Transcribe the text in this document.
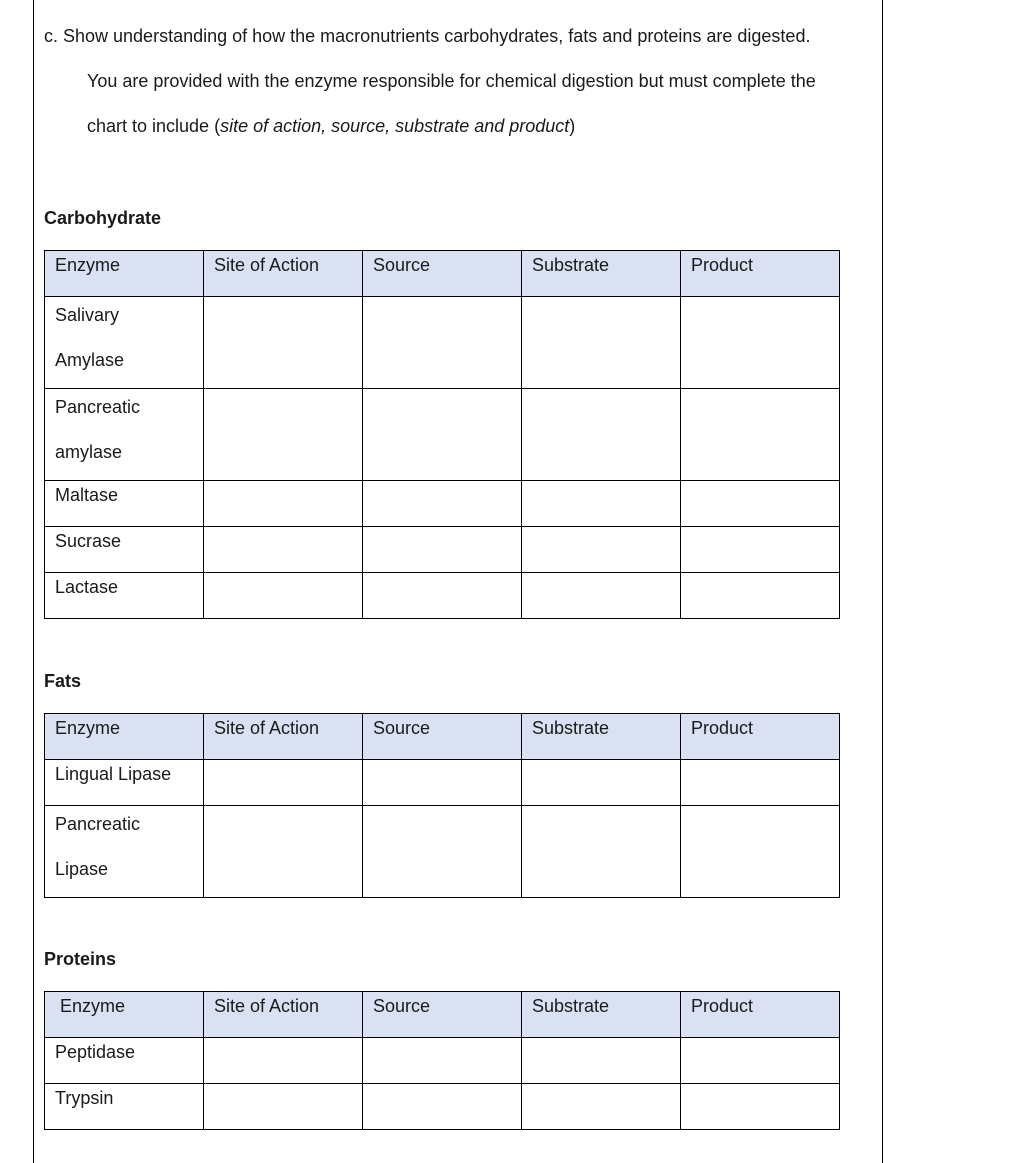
c. Show understanding of how the macronutrients carbohydrates, fats and proteins are digested.
You are provided with the enzyme responsible for chemical digestion but must complete the
chart to include (site of action, source, substrate and product)
Carbohydrate
Enzyme	Site of Action	Source	Substrate	Product

Salivary
Amylase				

Pancreatic
amylase				

Maltase				
Sucrase				
Lactase				
Fats
Enzyme	Site of Action	Source	Substrate	Product
Lingual Lipase				

Pancreatic
Lipase				

Proteins
Enzyme	Site of Action	Source	Substrate	Product
Peptidase				
Trypsin				
